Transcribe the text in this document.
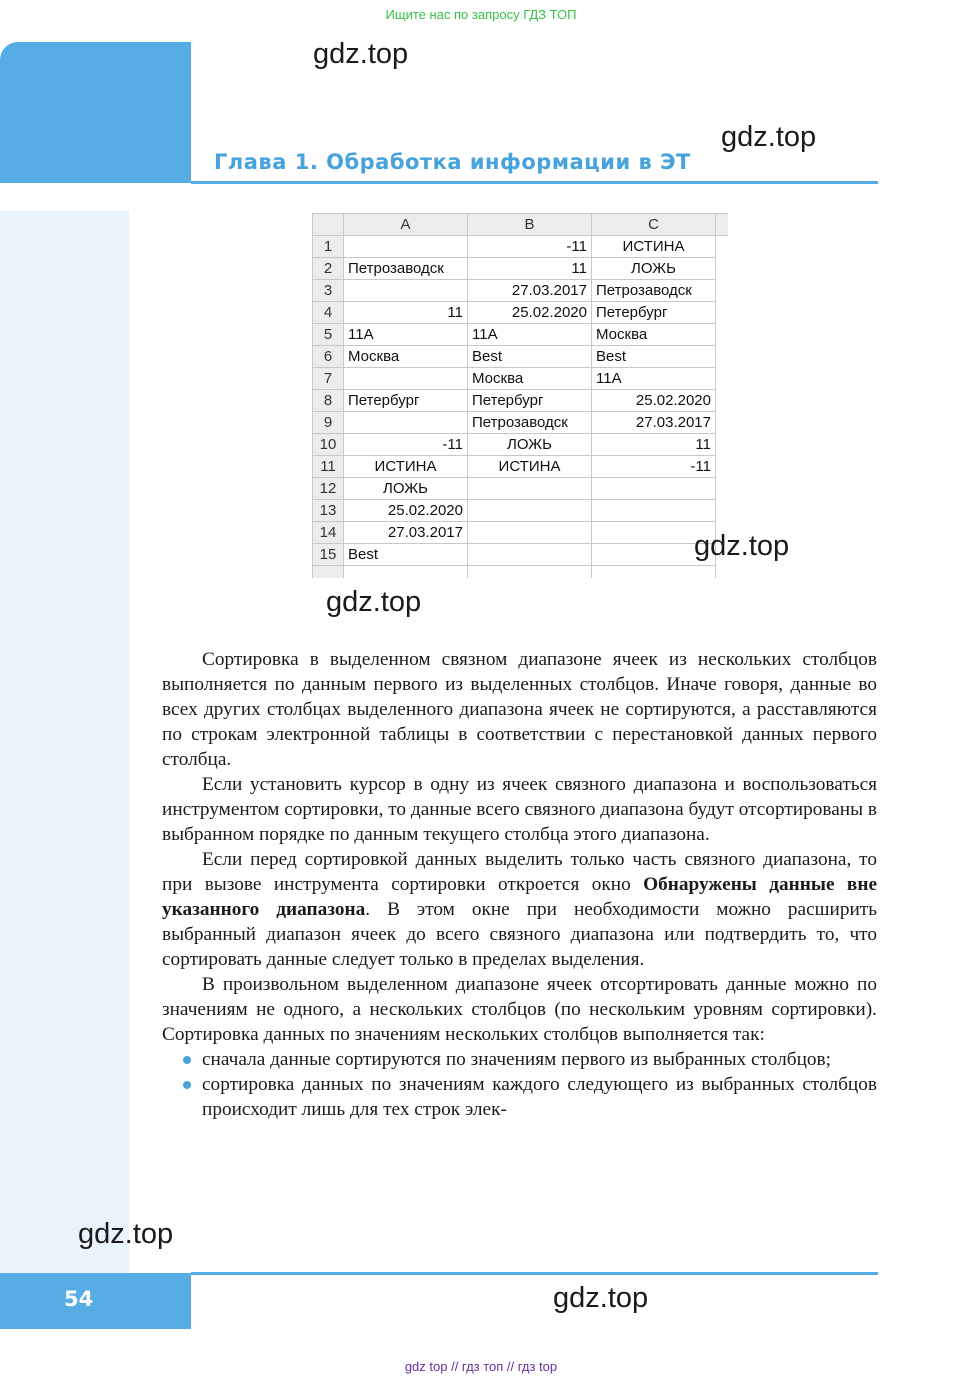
Ищите нас по запросу ГДЗ ТОП
Глава 1. Обработка информации в ЭТ
gdz.top
gdz.top
	A	B	C	
1		-11	ИСТИНА	
2	Петрозаводск	11	ЛОЖЬ	
3		27.03.2017	Петрозаводск	
4	11	25.02.2020	Петербург	
5	11А	11А	Москва	
6	Москва	Best	Best	
7		Москва	11А	
8	Петербург	Петербург	25.02.2020	
9		Петрозаводск	27.03.2017	
10	-11	ЛОЖЬ	11	
11	ИСТИНА	ИСТИНА	-11	
12	ЛОЖЬ			
13	25.02.2020			
14	27.03.2017			
15	Best			

gdz.top
gdz.top

Сортировка в выделенном связном диапазоне ячеек из нескольких столбцов выполняется по данным первого из выделенных столбцов. Иначе говоря, данные во всех других столбцах выделенного диапазона ячеек не сортируются, а расставляются по строкам электронной таблицы в соответствии с перестановкой данных первого столбца.

Если установить курсор в одну из ячеек связного диапазона и воспользоваться инструментом сортировки, то данные всего связного диапазона будут отсортированы в выбранном порядке по данным текущего столбца этого диапазона.

Если перед сортировкой данных выделить только часть связного диапазона, то при вызове инструмента сортировки откроется окно Обнаружены данные вне указанного диапазона. В этом окне при необходимости можно расширить выбранный диапазон ячеек до всего связного диапазона или подтвердить то, что сортировать данные следует только в пределах выделения.

В произвольном выделенном диапазоне ячеек отсортировать данные можно по значениям не одного, а нескольких столбцов (по нескольким уровням сортировки). Сортировка данных по значениям нескольких столбцов выполняется так:

сначала данные сортируются по значениям первого из выбранных столбцов;
сортировка данных по значениям каждого следующего из выбранных столбцов происходит лишь для тех строк элек-
gdz.top
54	gdz.top
gdz top // гдз топ // гдз top
